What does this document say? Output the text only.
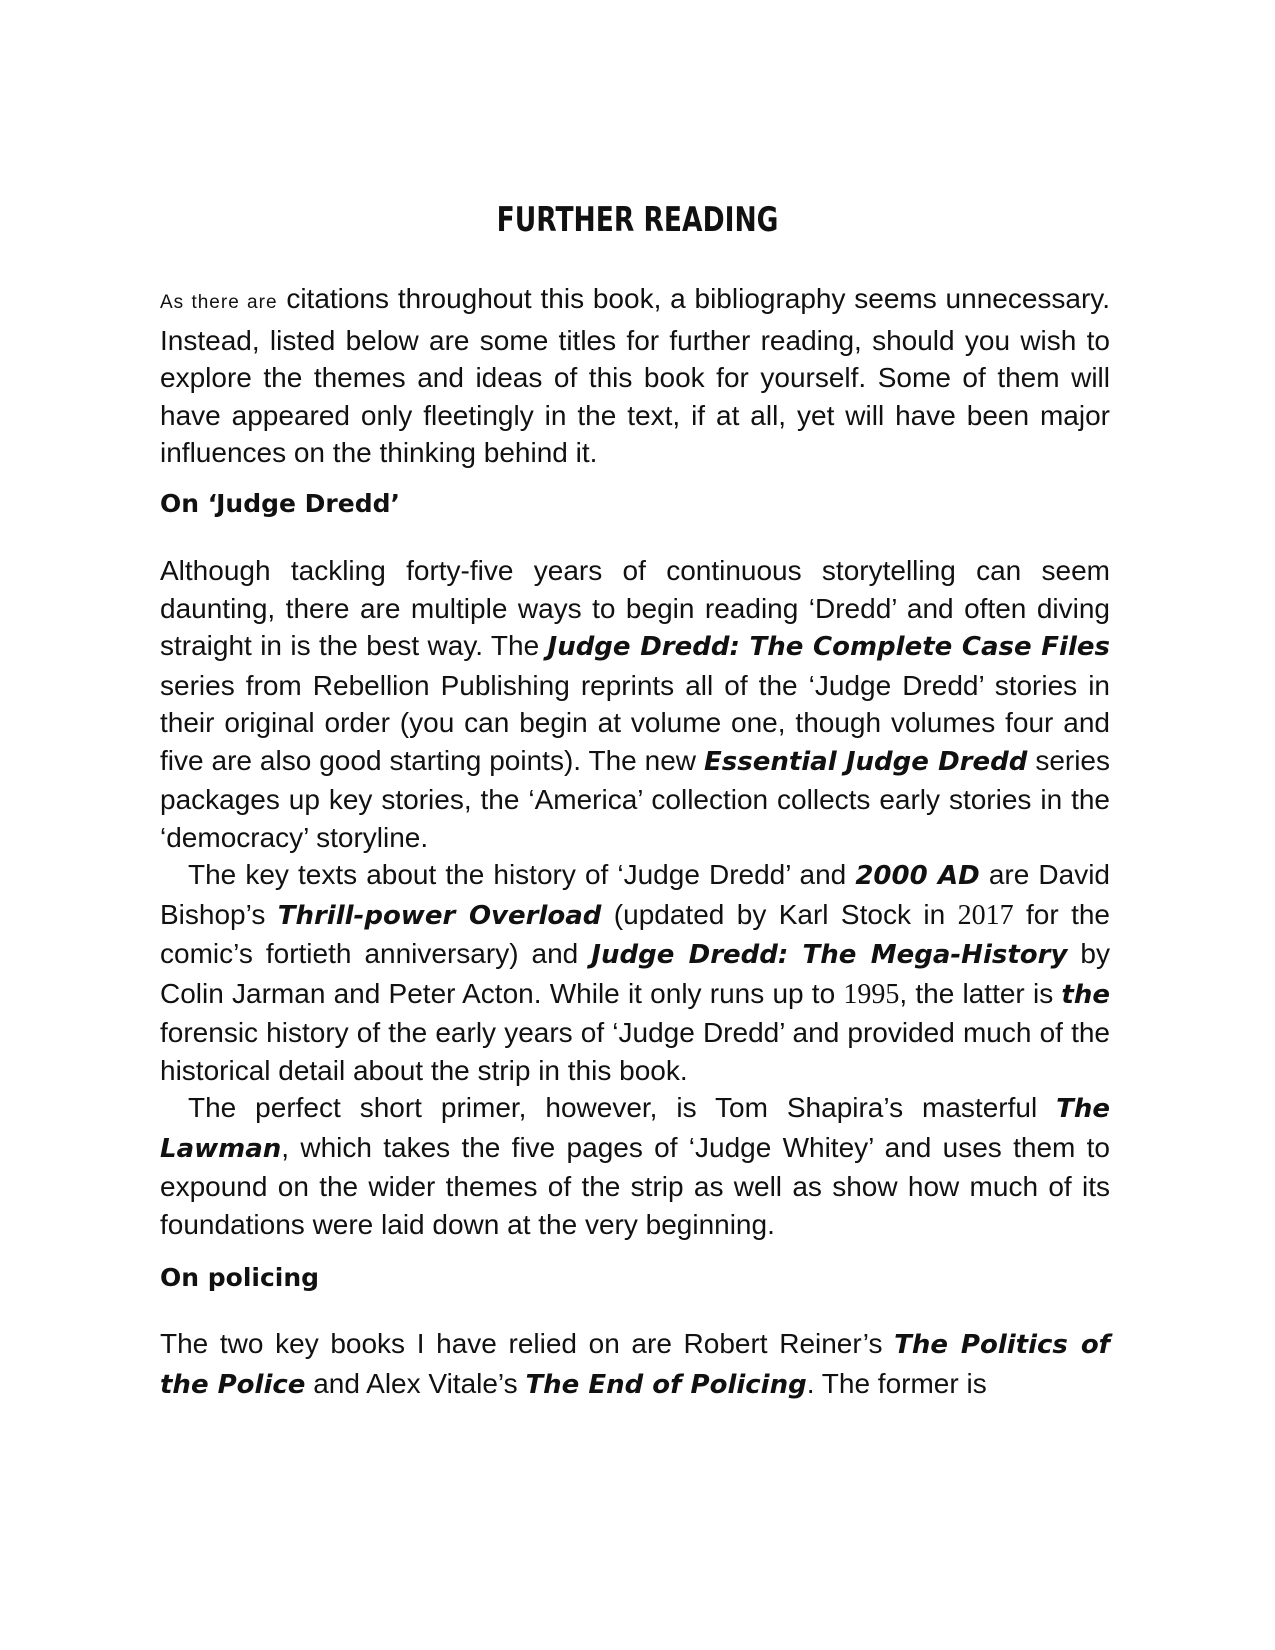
FURTHER READING

As there are citations throughout this book, a bibliography seems unnecessary. Instead, listed below are some titles for further reading, should you wish to explore the themes and ideas of this book for yourself. Some of them will have appeared only fleetingly in the text, if at all, yet will have been major influences on the thinking behind it.

On ‘Judge Dredd’

Although tackling forty-five years of continuous storytelling can seem daunting, there are multiple ways to begin reading ‘Dredd’ and often diving straight in is the best way. The Judge Dredd: The Complete Case Files series from Rebellion Publishing reprints all of the ‘Judge Dredd’ stories in their original order (you can begin at volume one, though volumes four and five are also good starting points). The new Essential Judge Dredd series packages up key stories, the ‘America’ collection collects early stories in the ‘democracy’ storyline.
The key texts about the history of ‘Judge Dredd’ and 2000 AD are David Bishop’s Thrill-power Overload (updated by Karl Stock in 2017 for the comic’s fortieth anniversary) and Judge Dredd: The Mega-History by Colin Jarman and Peter Acton. While it only runs up to 1995, the latter is the forensic history of the early years of ‘Judge Dredd’ and provided much of the historical detail about the strip in this book.
The perfect short primer, however, is Tom Shapira’s masterful The Lawman, which takes the five pages of ‘Judge Whitey’ and uses them to expound on the wider themes of the strip as well as show how much of its foundations were laid down at the very beginning.

On policing

The two key books I have relied on are Robert Reiner’s The Politics of the Police and Alex Vitale’s The End of Policing. The former is
